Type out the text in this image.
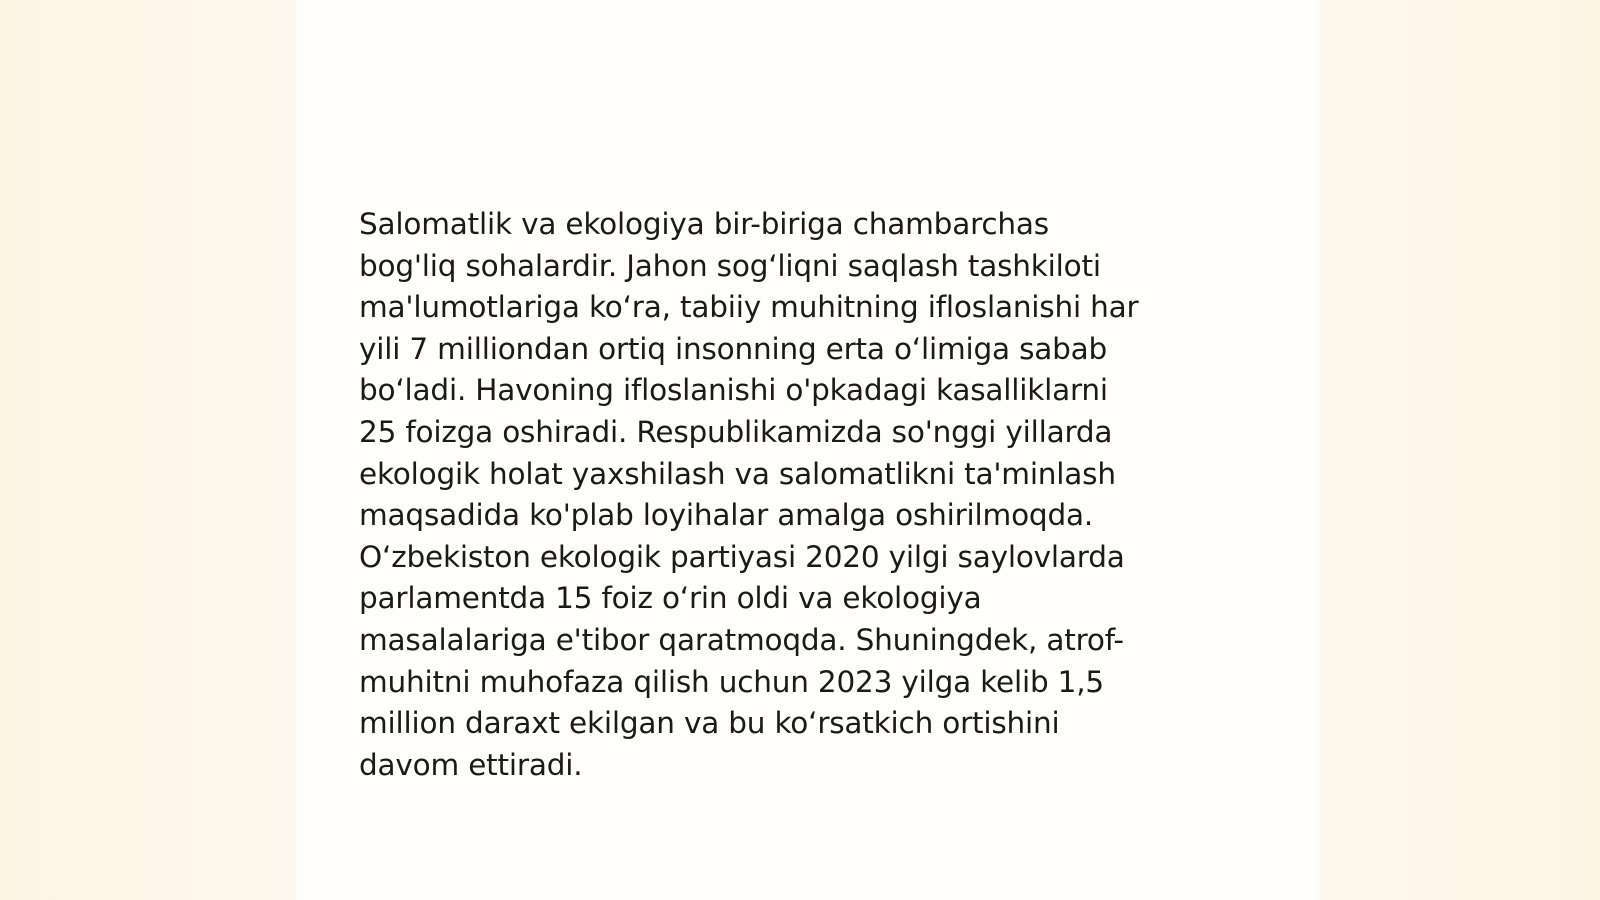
Salomatlik va ekologiya bir-biriga chambarchas
bog'liq sohalardir. Jahon sog‘liqni saqlash tashkiloti
ma'lumotlariga ko‘ra, tabiiy muhitning ifloslanishi har
yili 7 milliondan ortiq insonning erta o‘limiga sabab
bo‘ladi. Havoning ifloslanishi o'pkadagi kasalliklarni
25 foizga oshiradi. Respublikamizda so'nggi yillarda
ekologik holat yaxshilash va salomatlikni ta'minlash
maqsadida ko'plab loyihalar amalga oshirilmoqda.
O‘zbekiston ekologik partiyasi 2020 yilgi saylovlarda
parlamentda 15 foiz o‘rin oldi va ekologiya
masalalariga e'tibor qaratmoqda. Shuningdek, atrof-
muhitni muhofaza qilish uchun 2023 yilga kelib 1,5
million daraxt ekilgan va bu ko‘rsatkich ortishini
davom ettiradi.
